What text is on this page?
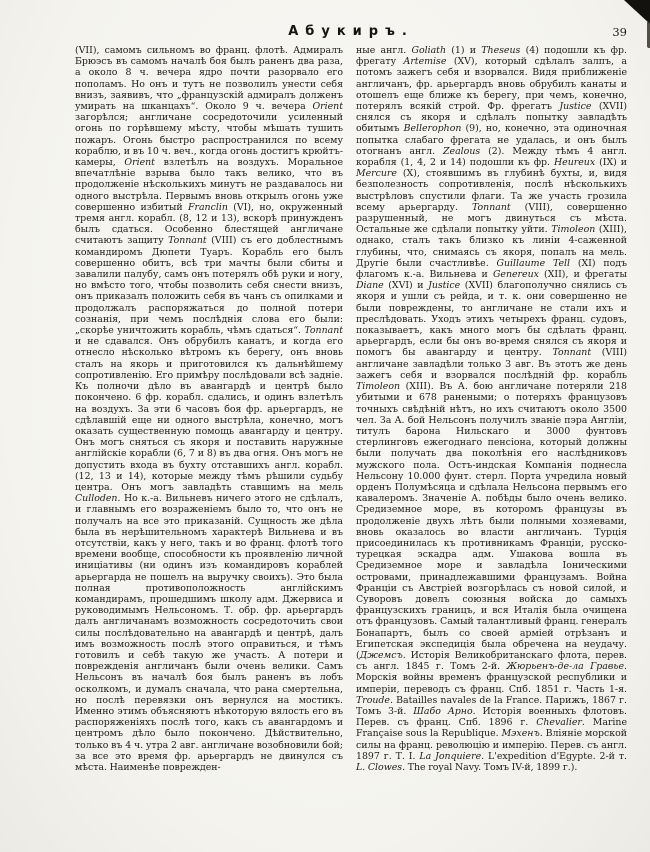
Абукиръ.	39
(VII), самомъ сильномъ во франц. флотѣ. Адмиралъ Брюэсъ въ самомъ началѣ боя былъ раненъ два раза, а около 8 ч. вечера ядро почти разорвало его пополамъ. Но онъ и тутъ не позволилъ унести себя внизъ, заявивъ, что „французскій адмиралъ долженъ умирать на шканцахъ“. Около 9 ч. вечера Orient загорѣлся; англичане сосредоточили усиленный огонь по горѣвшему мѣсту, чтобы мѣшать тушить пожаръ. Огонь быстро распространился по всему кораблю, и въ 10 ч. веч., когда огонь достигъ крюйтъ-камеры, Orient взлетѣлъ на воздухъ. Моральное впечатлѣніе взрыва было такъ велико, что въ продолженіе нѣсколькихъ минутъ не раздавалось ни одного выстрѣла. Первымъ вновь открылъ огонь уже совершенно избитый Franclin (VI), но, окруженный тремя англ. корабл. (8, 12 и 13), вскорѣ принужденъ былъ сдаться. Особенно блестящей англичане считаютъ защиту Tonnant (VIII) съ его доблестнымъ командиромъ Дюпети Туаръ. Корабль его былъ совершенно обитъ, всѣ три мачты были сбиты и завалили палубу, самъ онъ потерялъ обѣ руки и ногу, но вмѣсто того, чтобы позволить себя снести внизъ, онъ приказалъ положить себя въ чанъ съ опилками и продолжалъ распоряжаться до полной потери сознанія, при чемъ послѣднія слова его были: „скорѣе уничтожить корабль, чѣмъ сдаться“. Tonnant и не сдавался. Онъ обрубилъ канатъ, и когда его отнесло нѣсколько вѣтромъ къ берегу, онъ вновь сталъ на якорь и приготовился къ дальнѣйшему сопротивленію. Его примѣру послѣдовали всѣ задніе. Къ полночи дѣло въ авангардѣ и центрѣ было покончено. 6 фр. корабл. сдались, и одинъ взлетѣлъ на воздухъ. За эти 6 часовъ боя фр. арьергардъ, не сдѣлавшій еще ни одного выстрѣла, конечно, могъ оказать существенную помощь авангарду и центру. Онъ могъ сняться съ якоря и поставить наружные англійскіе корабли (6, 7 и 8) въ два огня. Онъ могъ не допустить входа въ бухту отставшихъ англ. корабл. (12, 13 и 14), которые между тѣмъ рѣшили судьбу центра. Онъ могъ завладѣть ставшимъ на мель Culloden. Но к.-а. Вильневъ ничего этого не сдѣлалъ, и главнымъ его возраженіемъ было то, что онъ не получалъ на все это приказаній. Сущность же дѣла была въ нерѣшительномъ характерѣ Вильнева и въ отсутствіи, какъ у него, такъ и во франц. флотѣ того времени вообще, способности къ проявленію личной иниціативы (ни одинъ изъ командировъ кораблей арьергарда не пошелъ на выручку своихъ). Это была полная противоположность англійскимъ командирамъ, прошедшимъ школу адм. Джервиса и руководимымъ Нельсономъ. Т. обр. фр. арьергардъ далъ англичанамъ возможность сосредоточить свои силы послѣдовательно на авангардѣ и центрѣ, далъ имъ возможность послѣ этого оправиться, и тѣмъ готовилъ и себѣ такую же участь. А потери и поврежденія англичанъ были очень велики. Самъ Нельсонъ въ началѣ боя былъ раненъ въ лобъ осколкомъ, и думалъ сначала, что рана смертельна, но послѣ перевязки онъ вернулся на мостикъ. Именно этимъ объясняютъ нѣкоторую вялость его въ распоряженіяхъ послѣ того, какъ съ авангардомъ и центромъ дѣло было покончено. Дѣйствительно, только въ 4 ч. утра 2 авг. англичане возобновили бой; за все это время фр. арьергардъ не двинулся съ мѣста. Наименѣе поврежден-
ные англ. Goliath (1) и Theseus (4) подошли къ фр. фрегату Artemise (XV), который сдѣлалъ залпъ, а потомъ зажегъ себя и взорвался. Видя приближеніе англичанъ, фр. арьергардъ вновь обрубилъ канаты и отошелъ еще ближе къ берегу, при чемъ, конечно, потерялъ всякій строй. Фр. фрегатъ Justice (XVII) снялся съ якоря и сдѣлалъ попытку завладѣть обитымъ Bellerophon (9), но, конечно, эта одиночная попытка слабаго фрегата не удалась, и онъ былъ отогнанъ англ. Zealous (2). Между тѣмъ 4 англ. корабля (1, 4, 2 и 14) подошли къ фр. Heureux (IX) и Mercure (X), стоявшимъ въ глубинѣ бухты, и, видя безполезность сопротивленія, послѣ нѣсколькихъ выстрѣловъ спустили флаги. Та же участь грозила всему арьергарду. Tonnant (VIII), совершенно разрушенный, не могъ двинуться съ мѣста. Остальные же сдѣлали попытку уйти. Timoleon (XIII), однако, сталъ такъ близко къ линіи 4-саженной глубины, что, снимаясь съ якоря, попалъ на мель. Другіе были счастливѣе. Guillaume Tell (XI) подъ флагомъ к.-а. Вильнева и Genereux (XII), и фрегаты Diane (XVI) и Justice (XVII) благополучно снялись съ якоря и ушли съ рейда, и т. к. они совершенно не были повреждены, то англичане не стали ихъ и преслѣдовать. Уходъ этихъ четырехъ франц. судовъ, показываетъ, какъ много могъ бы сдѣлать франц. арьергардъ, если бы онъ во-время снялся съ якоря и помогъ бы авангарду и центру. Tonnant (VIII) англичане завладѣли только 3 авг. Въ этотъ же день зажегъ себя и взорвался послѣдній фр. корабль Timoleon (XIII). Въ А. бою англичане потеряли 218 убитыми и 678 ранеными; о потеряхъ французовъ точныхъ свѣдѣній нѣтъ, но ихъ считаютъ около 3500 чел. За А. бой Нельсонъ получилъ званіе пэра Англіи, титулъ барона Нильскаго и 3000 фунтовъ стерлинговъ ежегоднаго пенсіона, который должны были получать два поколѣнія его наслѣдниковъ мужского пола. Остъ-индская Компанія поднесла Нельсону 10.000 фунт. стерл. Порта учредила новый орденъ Полумѣсяца и сдѣлала Нельсона первымъ его кавалеромъ. Значеніе А. побѣды было очень велико. Средиземное море, въ которомъ французы въ продолженіе двухъ лѣтъ были полными хозяевами, вновь оказалось во власти англичанъ. Турція присоединилась къ противникамъ Франціи, русско-турецкая эскадра адм. Ушакова вошла въ Средиземное море и завладѣла Іоническими островами, принадлежавшими французамъ. Война Франціи съ Австріей возгорѣлась съ новой силой, и Суворовъ довелъ союзныя войска до самыхъ французскихъ границъ, и вся Италія была очищена отъ французовъ. Самый талантливый франц. генералъ Бонапартъ, былъ со своей арміей отрѣзанъ и Египетская экспедиція была обречена на неудачу. (Джемсъ. Исторія Великобританскаго флота, перев. съ англ. 1845 г. Томъ 2-й. Жюрьенъ-де-ла Гравье. Морскія войны временъ французской республики и имперіи, переводъ съ франц. Спб. 1851 г. Часть 1-я. Troude. Batailles navales de la France. Парижъ, 1867 г. Томъ 3-й. Шабо Арно. Исторія военныхъ флотовъ. Перев. съ франц. Спб. 1896 г. Chevalier. Marine Française sous la Republique. Мэхенъ. Вліяніе морской силы на франц. революцію и имперію. Перев. съ англ. 1897 г. Т. I. La Jonquiere. L'expedition d'Egypte. 2-й т. L. Clowes. The royal Navy. Томъ IV-й, 1899 г.).
